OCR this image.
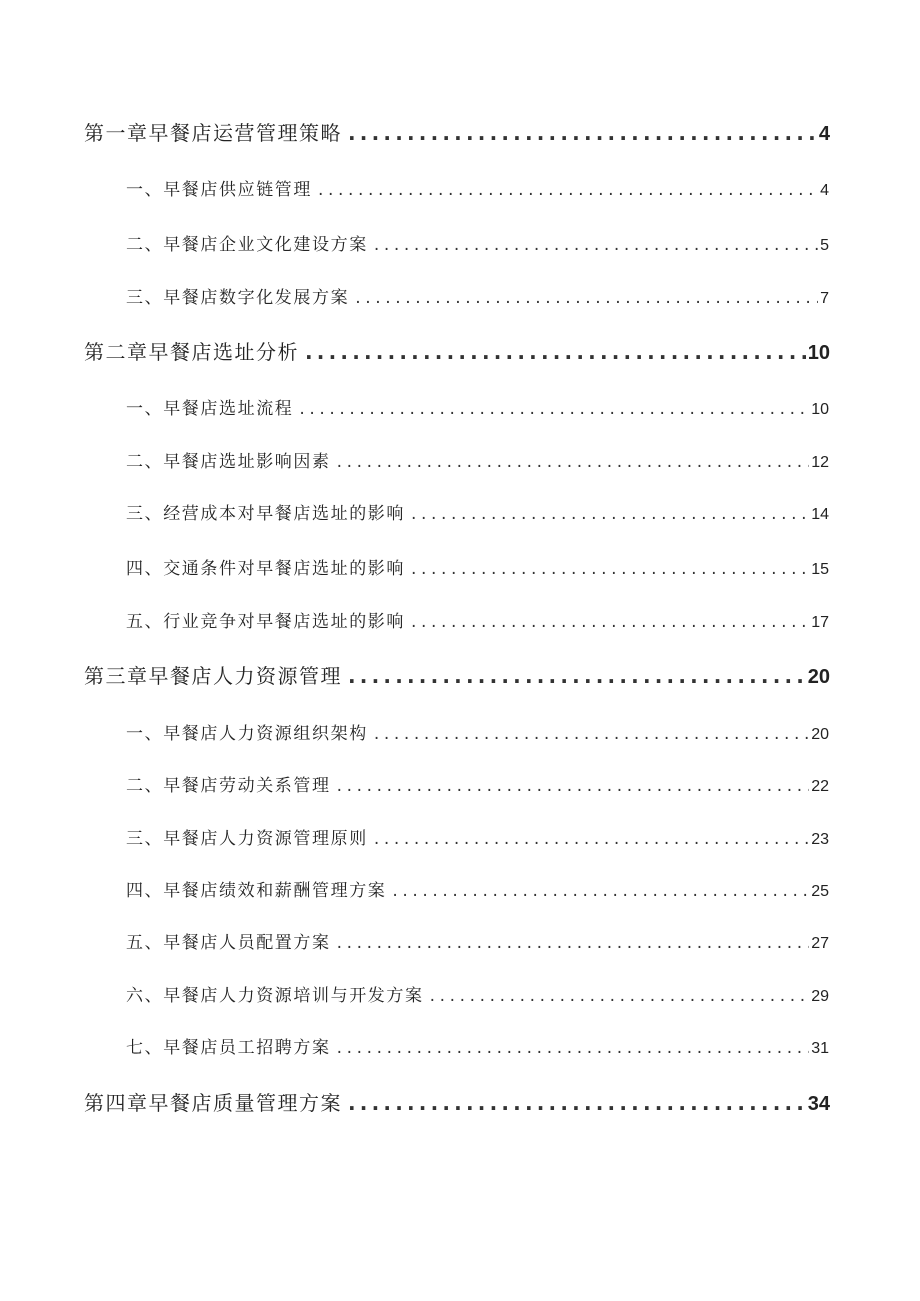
第一章早餐店运营管理策略 .....	4
一、早餐店供应链管理 .....	4
二、早餐店企业文化建设方案 .....	5
三、早餐店数字化发展方案 .....	7
第二章早餐店选址分析 .....	10
一、早餐店选址流程 .....	10
二、早餐店选址影响因素 .....	12
三、经营成本对早餐店选址的影响 .....	14
四、交通条件对早餐店选址的影响 .....	15
五、行业竞争对早餐店选址的影响 .....	17
第三章早餐店人力资源管理 .....	20
一、早餐店人力资源组织架构 .....	20
二、早餐店劳动关系管理 .....	22
三、早餐店人力资源管理原则 .....	23
四、早餐店绩效和薪酬管理方案 .....	25
五、早餐店人员配置方案 .....	27
六、早餐店人力资源培训与开发方案 .....	29
七、早餐店员工招聘方案 .....	31
第四章早餐店质量管理方案 .....	34
